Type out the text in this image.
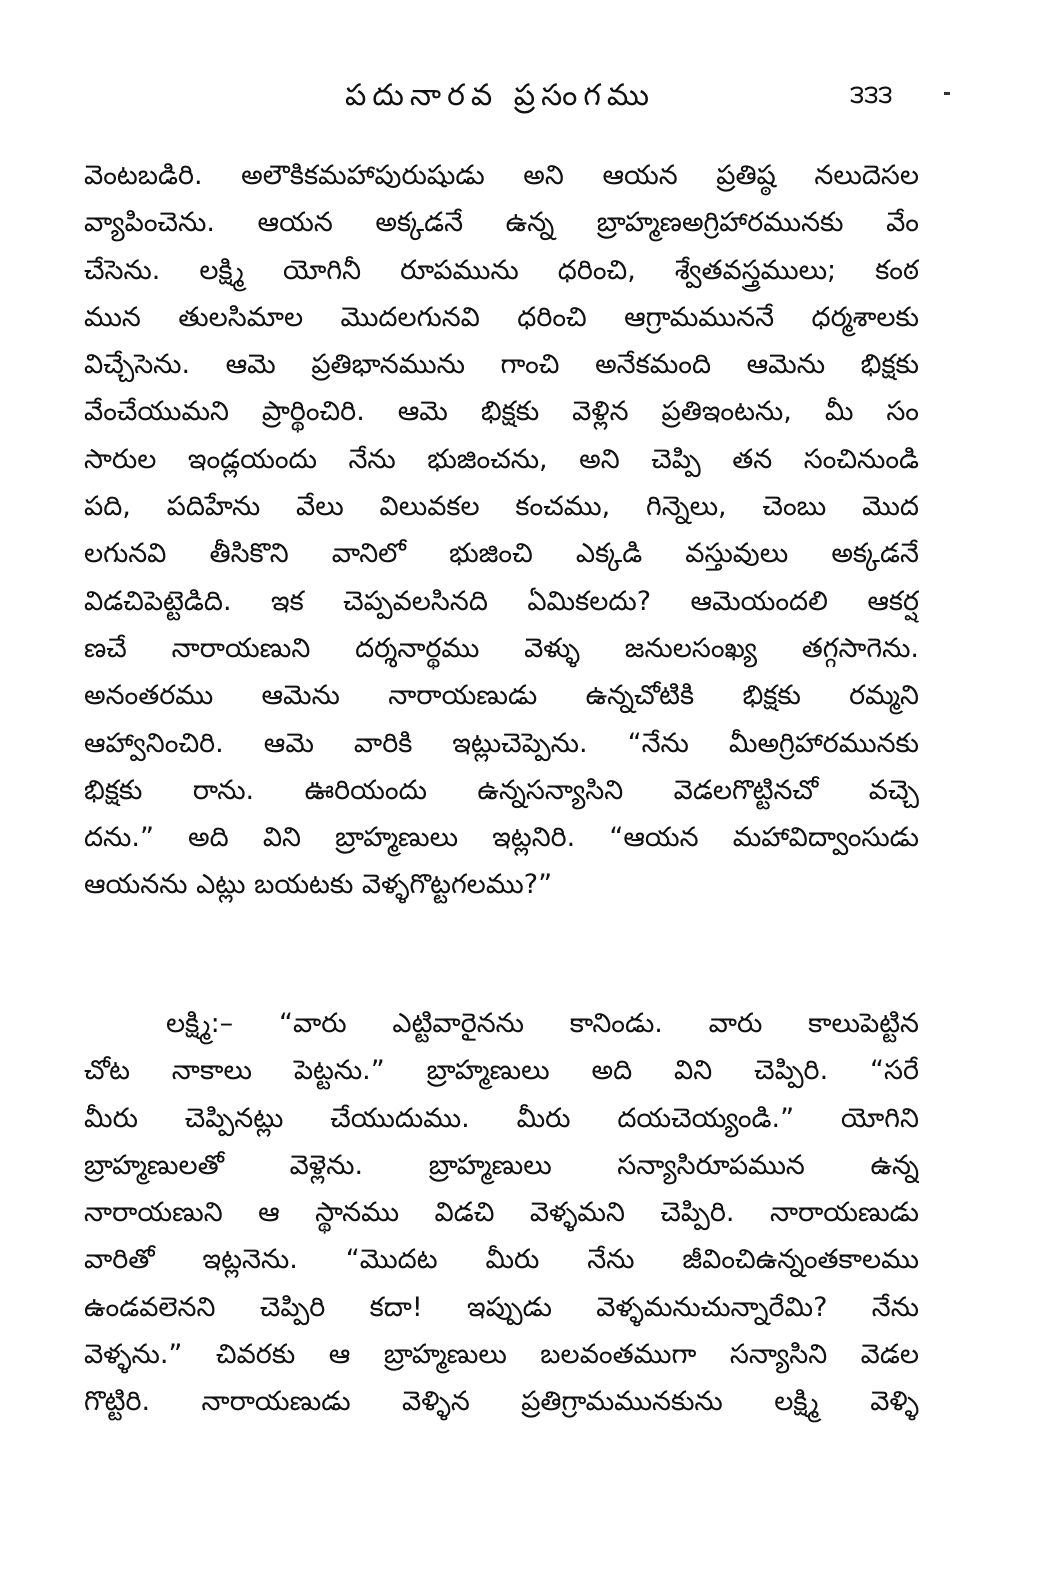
పదునారవ ప్రసంగము	౩౩౩
వెంటబడిరి. అలౌకికమహాపురుషుడు అని ఆయన ప్రతిష్ఠ నలుదెసల
వ్యాపించెను. ఆయన అక్కడనే ఉన్న బ్రాహ్మణఅగ్రిహారమునకు వేం
చేసెను. లక్ష్మి యోగినీ రూపమును ధరించి, శ్వేతవస్త్రములు; కంఠ
మున తులసిమాల మొదలగునవి ధరించి ఆగ్రామముననే ధర్మశాలకు
విచ్చేసెను. ఆమె ప్రతిభానమును గాంచి అనేకమంది ఆమెను భిక్షకు
వేంచేయుమని ప్రార్థించిరి. ఆమె భిక్షకు వెళ్లిన ప్రతిఇంటను, మీ సం
సారుల ఇండ్లయందు నేను భుజించను, అని చెప్పి తన సంచినుండి
పది, పదిహేను వేలు విలువకల కంచము, గిన్నెలు, చెంబు మొద
లగునవి తీసికొని వానిలో భుజించి ఎక్కడి వస్తువులు అక్కడనే
విడచిపెట్టెడిది. ఇక చెప్పవలసినది ఏమికలదు? ఆమెయందలి ఆకర్ష
ణచే నారాయణుని దర్శనార్థము వెళ్ళు జనులసంఖ్య తగ్గసాగెను.
అనంతరము ఆమెను నారాయణుడు ఉన్నచోటికి భిక్షకు రమ్మని
ఆహ్వానించిరి. ఆమె వారికి ఇట్లుచెప్పెను. “నేను మీఅగ్రిహారమునకు
భిక్షకు రాను. ఊరియందు ఉన్నసన్యాసిని వెడలగొట్టినచో వచ్చె
దను.” అది విని బ్రాహ్మణులు ఇట్లనిరి. “ఆయన మహావిద్వాంసుడు
ఆయనను ఎట్లు బయటకు వెళ్ళగొట్టగలము?”
లక్ష్మి:– “వారు ఎట్టివారైనను కానిండు. వారు కాలుపెట్టిన
చోట నాకాలు పెట్టను.” బ్రాహ్మణులు అది విని చెప్పిరి. “సరే
మీరు చెప్పినట్లు చేయుదుము. మీరు దయచెయ్యండి.” యోగిని
బ్రాహ్మణులతో వెళ్లెను. బ్రాహ్మణులు సన్యాసిరూపమున ఉన్న
నారాయణుని ఆ స్థానము విడచి వెళ్ళమని చెప్పిరి. నారాయణుడు
వారితో ఇట్లనెను. “మొదట మీరు నేను జీవించిఉన్నంతకాలము
ఉండవలెనని చెప్పిరి కదా! ఇప్పుడు వెళ్ళమనుచున్నారేమి? నేను
వెళ్ళను.” చివరకు ఆ బ్రాహ్మణులు బలవంతముగా సన్యాసిని వెడల
గొట్టిరి. నారాయణుడు వెళ్ళిన ప్రతిగ్రామమునకును లక్ష్మి వెళ్ళి
